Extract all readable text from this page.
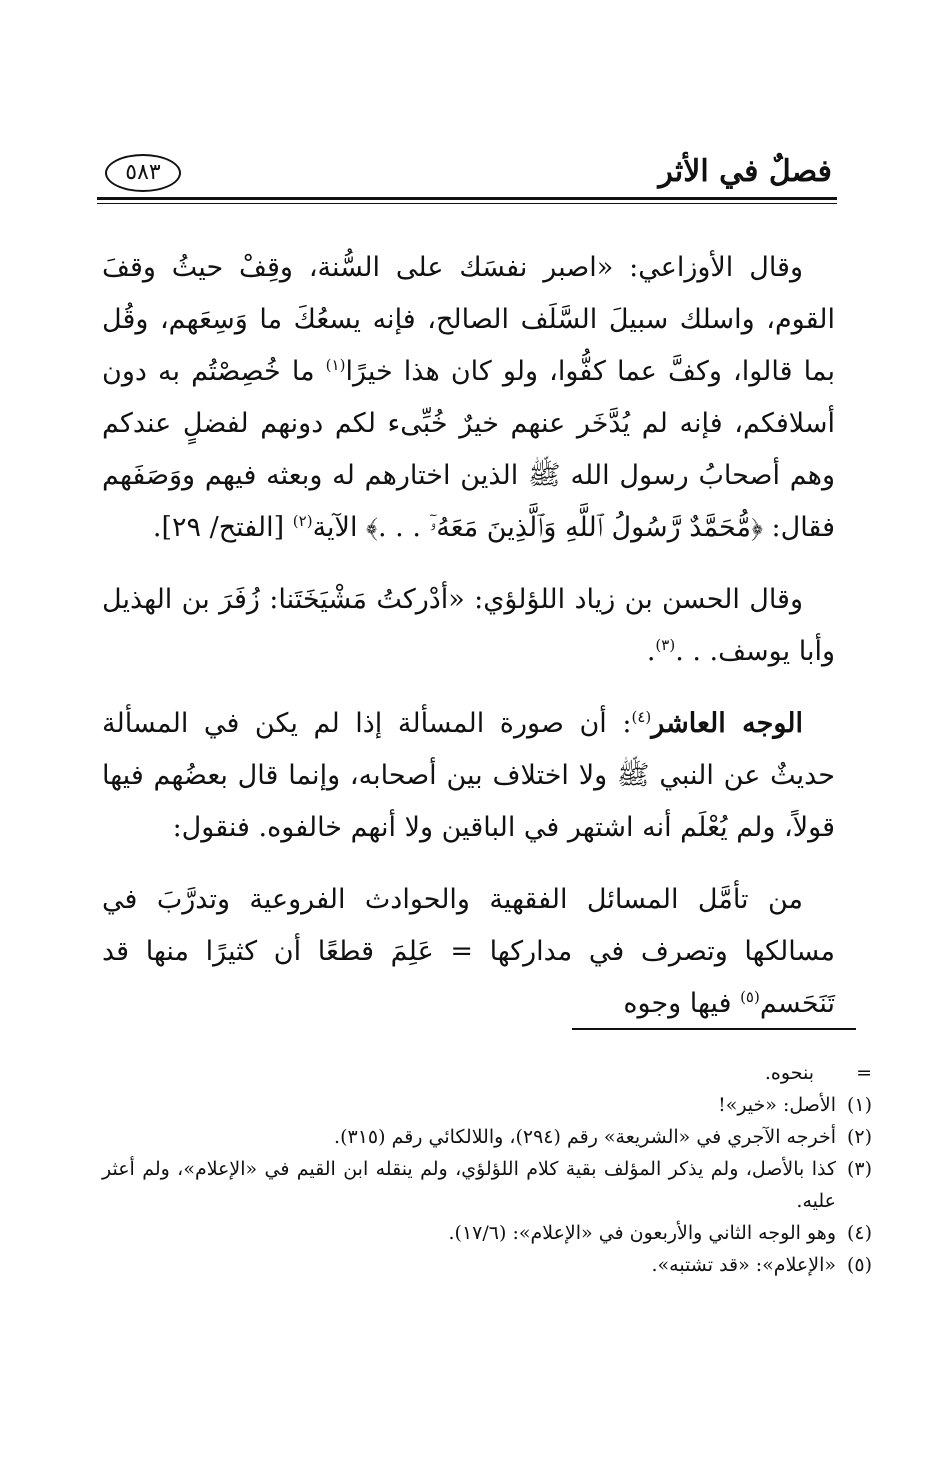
فصلٌ في الأثر
٥٨٣

وقال الأوزاعي: «اصبر نفسَك على السُّنة، وقِفْ حيثُ وقفَ القوم، واسلك سبيلَ السَّلَف الصالح، فإنه يسعُكَ ما وَسِعَهم، وقُل بما قالوا، وكفَّ عما كفُّوا، ولو كان هذا خيرًا$^{(١)}$ ما خُصِصْتُم به دون أسلافكم، فإنه لم يُدَّخَر عنهم خيرٌ خُبِّىء لكم دونهم لفضلٍ عندكم وهم أصحابُ رسول الله ﷺ الذين اختارهم له وبعثه فيهم ووَصَفَهم فقال: ﴿مُّحَمَّدٌ رَّسُولُ ٱللَّهِ وَٱلَّذِينَ مَعَهُۥٓ . . .﴾ الآية$^{(٢)}$ [الفتح/ ٢٩].

وقال الحسن بن زياد اللؤلؤي: «أدْركتُ مَشْيَخَتَنا: زُفَرَ بن الهذيل وأبا يوسف. . .$^{(٣)}$.

الوجه العاشر$^{(٤)}$: أن صورة المسألة إذا لم يكن في المسألة حديثٌ عن النبي ﷺ ولا اختلاف بين أصحابه، وإنما قال بعضُهم فيها قولاً، ولم يُعْلَم أنه اشتهر في الباقين ولا أنهم خالفوه. فنقول:

من تأمَّل المسائل الفقهية والحوادث الفروعية وتدرَّبَ في مسالكها وتصرف في مداركها = عَلِمَ قطعًا أن كثيرًا منها قد تَنَحَسم$^{(٥)}$ فيها وجوه

=
بنحوه.
(١)
الأصل: «خير»!
(٢)
أخرجه الآجري في «الشريعة» رقم (٢٩٤)، واللالكائي رقم (٣١٥).
(٣)
كذا بالأصل، ولم يذكر المؤلف بقية كلام اللؤلؤي، ولم ينقله ابن القيم في «الإعلام»، ولم أعثر عليه.
(٤)
وهو الوجه الثاني والأربعون في «الإعلام»: (١٧/٦).
(٥)
«الإعلام»: «قد تشتبه».
